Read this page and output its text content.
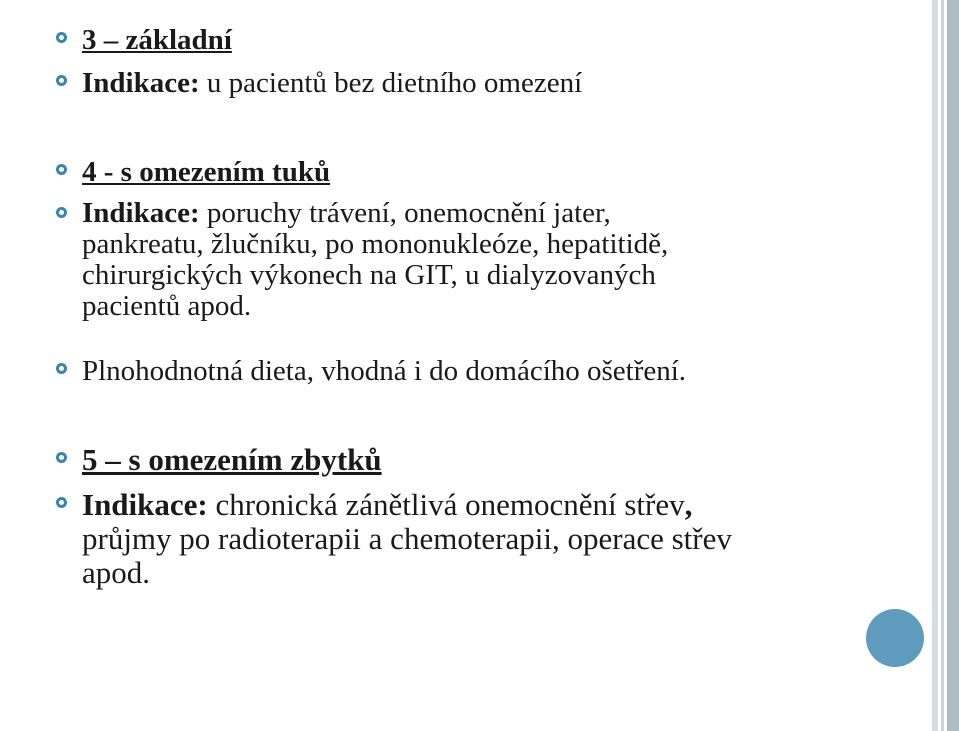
3 – základní
Indikace: u pacientů bez dietního omezení
4 - s omezením tuků
Indikace: poruchy trávení, onemocnění jater,
pankreatu, žlučníku, po mononukleóze, hepatitidě,
chirurgických výkonech na GIT, u dialyzovaných
pacientů apod.
Plnohodnotná dieta, vhodná i do domácího ošetření.
5 – s omezením zbytků
Indikace: chronická zánětlivá onemocnění střev,
průjmy po radioterapii a chemoterapii, operace střev
apod.
